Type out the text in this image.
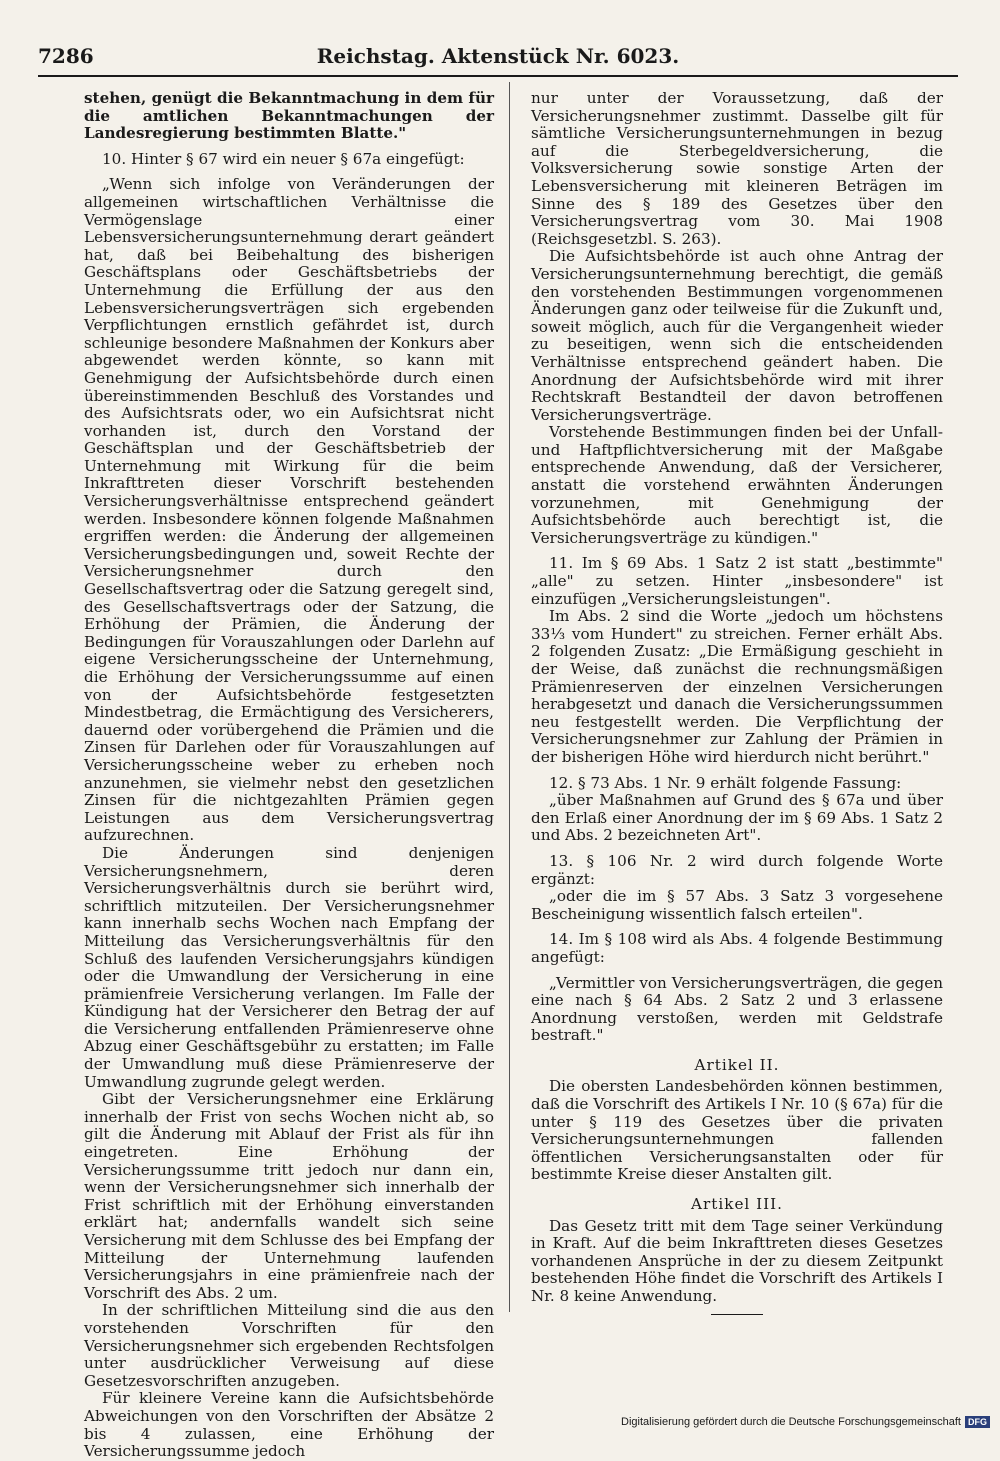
7286	Reichstag. Aktenstück Nr. 6023.

stehen, genügt die Bekanntmachung in dem für die amtlichen Bekanntmachungen der Landesregierung bestimmten Blatte."

10. Hinter § 67 wird ein neuer § 67a eingefügt:

„Wenn sich infolge von Veränderungen der allgemeinen wirtschaftlichen Verhältnisse die Vermögenslage einer Lebensversicherungsunternehmung derart geändert hat, daß bei Beibehaltung des bisherigen Geschäftsplans oder Geschäftsbetriebs der Unternehmung die Erfüllung der aus den Lebensversicherungsverträgen sich ergebenden Verpflichtungen ernstlich gefährdet ist, durch schleunige besondere Maßnahmen der Konkurs aber abgewendet werden könnte, so kann mit Genehmigung der Aufsichtsbehörde durch einen übereinstimmenden Beschluß des Vorstandes und des Aufsichtsrats oder, wo ein Aufsichtsrat nicht vorhanden ist, durch den Vorstand der Geschäftsplan und der Geschäftsbetrieb der Unternehmung mit Wirkung für die beim Inkrafttreten dieser Vorschrift bestehenden Versicherungsverhältnisse entsprechend geändert werden. Insbesondere können folgende Maßnahmen ergriffen werden: die Änderung der allgemeinen Versicherungsbedingungen und, soweit Rechte der Versicherungsnehmer durch den Gesellschaftsvertrag oder die Satzung geregelt sind, des Gesellschaftsvertrags oder der Satzung, die Erhöhung der Prämien, die Änderung der Bedingungen für Vorauszahlungen oder Darlehn auf eigene Versicherungsscheine der Unternehmung, die Erhöhung der Versicherungssumme auf einen von der Aufsichtsbehörde festgesetzten Mindestbetrag, die Ermächtigung des Versicherers, dauernd oder vorübergehend die Prämien und die Zinsen für Darlehen oder für Vorauszahlungen auf Versicherungsscheine weber zu erheben noch anzunehmen, sie vielmehr nebst den gesetzlichen Zinsen für die nichtgezahlten Prämien gegen Leistungen aus dem Versicherungsvertrag aufzurechnen.

Die Änderungen sind denjenigen Versicherungsnehmern, deren Versicherungsverhältnis durch sie berührt wird, schriftlich mitzuteilen. Der Versicherungsnehmer kann innerhalb sechs Wochen nach Empfang der Mitteilung das Versicherungsverhältnis für den Schluß des laufenden Versicherungsjahrs kündigen oder die Umwandlung der Versicherung in eine prämienfreie Versicherung verlangen. Im Falle der Kündigung hat der Versicherer den Betrag der auf die Versicherung entfallenden Prämienreserve ohne Abzug einer Geschäftsgebühr zu erstatten; im Falle der Umwandlung muß diese Prämienreserve der Umwandlung zugrunde gelegt werden.

Gibt der Versicherungsnehmer eine Erklärung innerhalb der Frist von sechs Wochen nicht ab, so gilt die Änderung mit Ablauf der Frist als für ihn eingetreten. Eine Erhöhung der Versicherungssumme tritt jedoch nur dann ein, wenn der Versicherungsnehmer sich innerhalb der Frist schriftlich mit der Erhöhung einverstanden erklärt hat; andernfalls wandelt sich seine Versicherung mit dem Schlusse des bei Empfang der Mitteilung der Unternehmung laufenden Versicherungsjahrs in eine prämienfreie nach der Vorschrift des Abs. 2 um.

In der schriftlichen Mitteilung sind die aus den vorstehenden Vorschriften für den Versicherungsnehmer sich ergebenden Rechtsfolgen unter ausdrücklicher Verweisung auf diese Gesetzesvorschriften anzugeben.

Für kleinere Vereine kann die Aufsichtsbehörde Abweichungen von den Vorschriften der Absätze 2 bis 4 zulassen, eine Erhöhung der Versicherungssumme jedoch

nur unter der Voraussetzung, daß der Versicherungsnehmer zustimmt. Dasselbe gilt für sämtliche Versicherungsunternehmungen in bezug auf die Sterbegeldversicherung, die Volksversicherung sowie sonstige Arten der Lebensversicherung mit kleineren Beträgen im Sinne des § 189 des Gesetzes über den Versicherungsvertrag vom 30. Mai 1908 (Reichsgesetzbl. S. 263).

Die Aufsichtsbehörde ist auch ohne Antrag der Versicherungsunternehmung berechtigt, die gemäß den vorstehenden Bestimmungen vorgenommenen Änderungen ganz oder teilweise für die Zukunft und, soweit möglich, auch für die Vergangenheit wieder zu beseitigen, wenn sich die entscheidenden Verhältnisse entsprechend geändert haben. Die Anordnung der Aufsichtsbehörde wird mit ihrer Rechtskraft Bestandteil der davon betroffenen Versicherungsverträge.

Vorstehende Bestimmungen finden bei der Unfall- und Haftpflichtversicherung mit der Maßgabe entsprechende Anwendung, daß der Versicherer, anstatt die vorstehend erwähnten Änderungen vorzunehmen, mit Genehmigung der Aufsichtsbehörde auch berechtigt ist, die Versicherungsverträge zu kündigen."

11. Im § 69 Abs. 1 Satz 2 ist statt „bestimmte" „alle" zu setzen. Hinter „insbesondere" ist einzufügen „Versicherungsleistungen".

Im Abs. 2 sind die Worte „jedoch um höchstens 33⅓ vom Hundert" zu streichen. Ferner erhält Abs. 2 folgenden Zusatz: „Die Ermäßigung geschieht in der Weise, daß zunächst die rechnungsmäßigen Prämienreserven der einzelnen Versicherungen herabgesetzt und danach die Versicherungssummen neu festgestellt werden. Die Verpflichtung der Versicherungsnehmer zur Zahlung der Prämien in der bisherigen Höhe wird hierdurch nicht berührt."

12. § 73 Abs. 1 Nr. 9 erhält folgende Fassung:

„über Maßnahmen auf Grund des § 67a und über den Erlaß einer Anordnung der im § 69 Abs. 1 Satz 2 und Abs. 2 bezeichneten Art".

13. § 106 Nr. 2 wird durch folgende Worte ergänzt:

„oder die im § 57 Abs. 3 Satz 3 vorgesehene Bescheinigung wissentlich falsch erteilen".

14. Im § 108 wird als Abs. 4 folgende Bestimmung angefügt:

„Vermittler von Versicherungsverträgen, die gegen eine nach § 64 Abs. 2 Satz 2 und 3 erlassene Anordnung verstoßen, werden mit Geldstrafe bestraft."

Artikel II.

Die obersten Landesbehörden können bestimmen, daß die Vorschrift des Artikels I Nr. 10 (§ 67a) für die unter § 119 des Gesetzes über die privaten Versicherungsunternehmungen fallenden öffentlichen Versicherungsanstalten oder für bestimmte Kreise dieser Anstalten gilt.

Artikel III.

Das Gesetz tritt mit dem Tage seiner Verkündung in Kraft. Auf die beim Inkrafttreten dieses Gesetzes vorhandenen Ansprüche in der zu diesem Zeitpunkt bestehenden Höhe findet die Vorschrift des Artikels I Nr. 8 keine Anwendung.

Digitalisierung gefördert durch die Deutsche Forschungsgemeinschaft DFG
